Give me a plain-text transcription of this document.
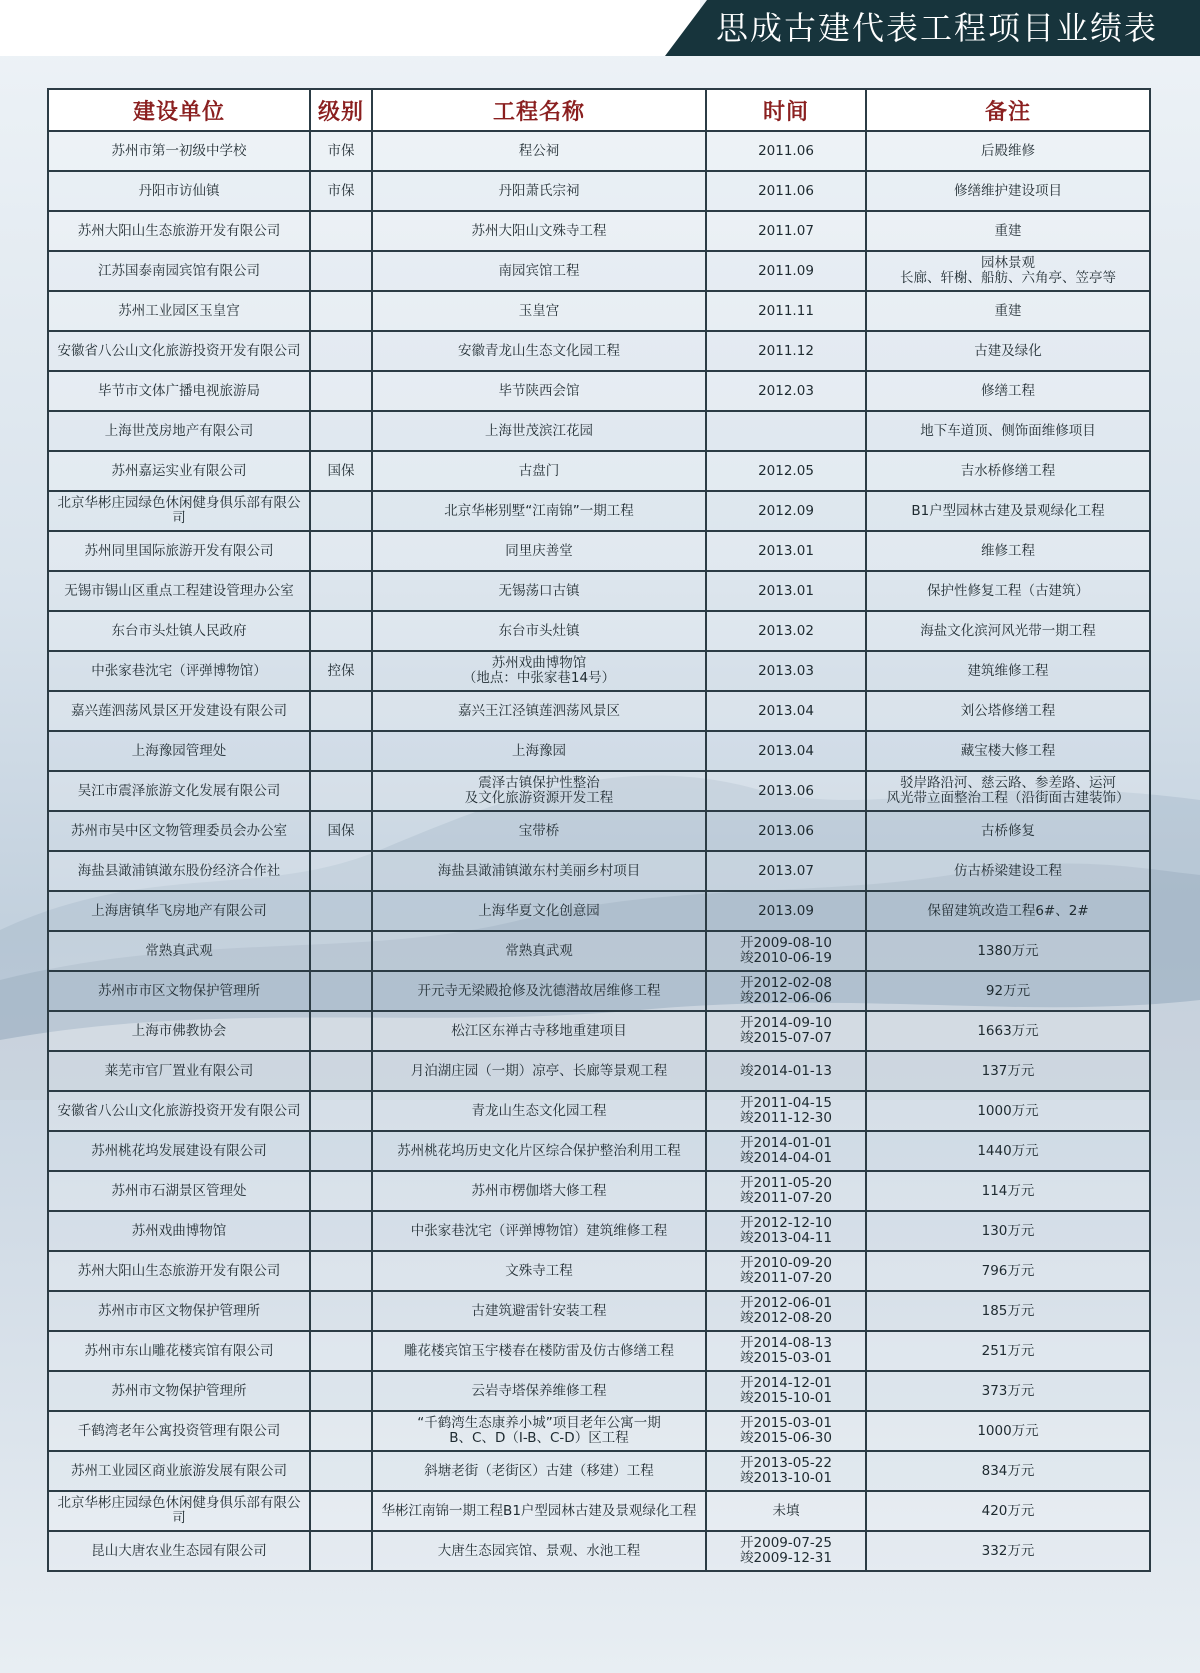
思成古建代表工程项目业绩表
建设单位	级别	工程名称	时间	备注
苏州市第一初级中学校	市保	程公祠	2011.06	后殿维修
丹阳市访仙镇	市保	丹阳萧氏宗祠	2011.06	修缮维护建设项目
苏州大阳山生态旅游开发有限公司		苏州大阳山文殊寺工程	2011.07	重建
江苏国泰南园宾馆有限公司		南园宾馆工程	2011.09	园林景观
长廊、轩榭、船舫、六角亭、笠亭等
苏州工业园区玉皇宫		玉皇宫	2011.11	重建
安徽省八公山文化旅游投资开发有限公司		安徽青龙山生态文化园工程	2011.12	古建及绿化
毕节市文体广播电视旅游局		毕节陕西会馆	2012.03	修缮工程
上海世茂房地产有限公司		上海世茂滨江花园		地下车道顶、侧饰面维修项目
苏州嘉运实业有限公司	国保	古盘门	2012.05	吉水桥修缮工程
北京华彬庄园绿色休闲健身俱乐部有限公司		北京华彬别墅“江南锦”一期工程	2012.09	B1户型园林古建及景观绿化工程
苏州同里国际旅游开发有限公司		同里庆善堂	2013.01	维修工程
无锡市锡山区重点工程建设管理办公室		无锡荡口古镇	2013.01	保护性修复工程（古建筑）
东台市头灶镇人民政府		东台市头灶镇	2013.02	海盐文化滨河风光带一期工程
中张家巷沈宅（评弹博物馆）	控保	苏州戏曲博物馆
（地点：中张家巷14号）	2013.03	建筑维修工程
嘉兴莲泗荡风景区开发建设有限公司		嘉兴王江泾镇莲泗荡风景区	2013.04	刘公塔修缮工程
上海豫园管理处		上海豫园	2013.04	藏宝楼大修工程
吴江市震泽旅游文化发展有限公司		震泽古镇保护性整治
及文化旅游资源开发工程	2013.06	驳岸路沿河、慈云路、参差路、运河
风光带立面整治工程（沿街面古建装饰）
苏州市吴中区文物管理委员会办公室	国保	宝带桥	2013.06	古桥修复
海盐县澉浦镇澉东股份经济合作社		海盐县澉浦镇澉东村美丽乡村项目	2013.07	仿古桥梁建设工程
上海唐镇华飞房地产有限公司		上海华夏文化创意园	2013.09	保留建筑改造工程6#、2#
常熟真武观		常熟真武观	开2009-08-10
竣2010-06-19	1380万元
苏州市市区文物保护管理所		开元寺无梁殿抢修及沈德潜故居维修工程	开2012-02-08
竣2012-06-06	92万元
上海市佛教协会		松江区东禅古寺移地重建项目	开2014-09-10
竣2015-07-07	1663万元
莱芜市官厂置业有限公司		月泊湖庄园（一期）凉亭、长廊等景观工程	竣2014-01-13	137万元
安徽省八公山文化旅游投资开发有限公司		青龙山生态文化园工程	开2011-04-15
竣2011-12-30	1000万元
苏州桃花坞发展建设有限公司		苏州桃花坞历史文化片区综合保护整治利用工程	开2014-01-01
竣2014-04-01	1440万元
苏州市石湖景区管理处		苏州市楞伽塔大修工程	开2011-05-20
竣2011-07-20	114万元
苏州戏曲博物馆		中张家巷沈宅（评弹博物馆）建筑维修工程	开2012-12-10
竣2013-04-11	130万元
苏州大阳山生态旅游开发有限公司		文殊寺工程	开2010-09-20
竣2011-07-20	796万元
苏州市市区文物保护管理所		古建筑避雷针安装工程	开2012-06-01
竣2012-08-20	185万元
苏州市东山雕花楼宾馆有限公司		雕花楼宾馆玉宇楼春在楼防雷及仿古修缮工程	开2014-08-13
竣2015-03-01	251万元
苏州市文物保护管理所		云岩寺塔保养维修工程	开2014-12-01
竣2015-10-01	373万元
千鹤湾老年公寓投资管理有限公司		“千鹤湾生态康养小城”项目老年公寓一期
B、C、D（I-B、C-D）区工程	开2015-03-01
竣2015-06-30	1000万元
苏州工业园区商业旅游发展有限公司		斜塘老街（老街区）古建（移建）工程	开2013-05-22
竣2013-10-01	834万元
北京华彬庄园绿色休闲健身俱乐部有限公司		华彬江南锦一期工程B1户型园林古建及景观绿化工程	未填	420万元
昆山大唐农业生态园有限公司		大唐生态园宾馆、景观、水池工程	开2009-07-25
竣2009-12-31	332万元
